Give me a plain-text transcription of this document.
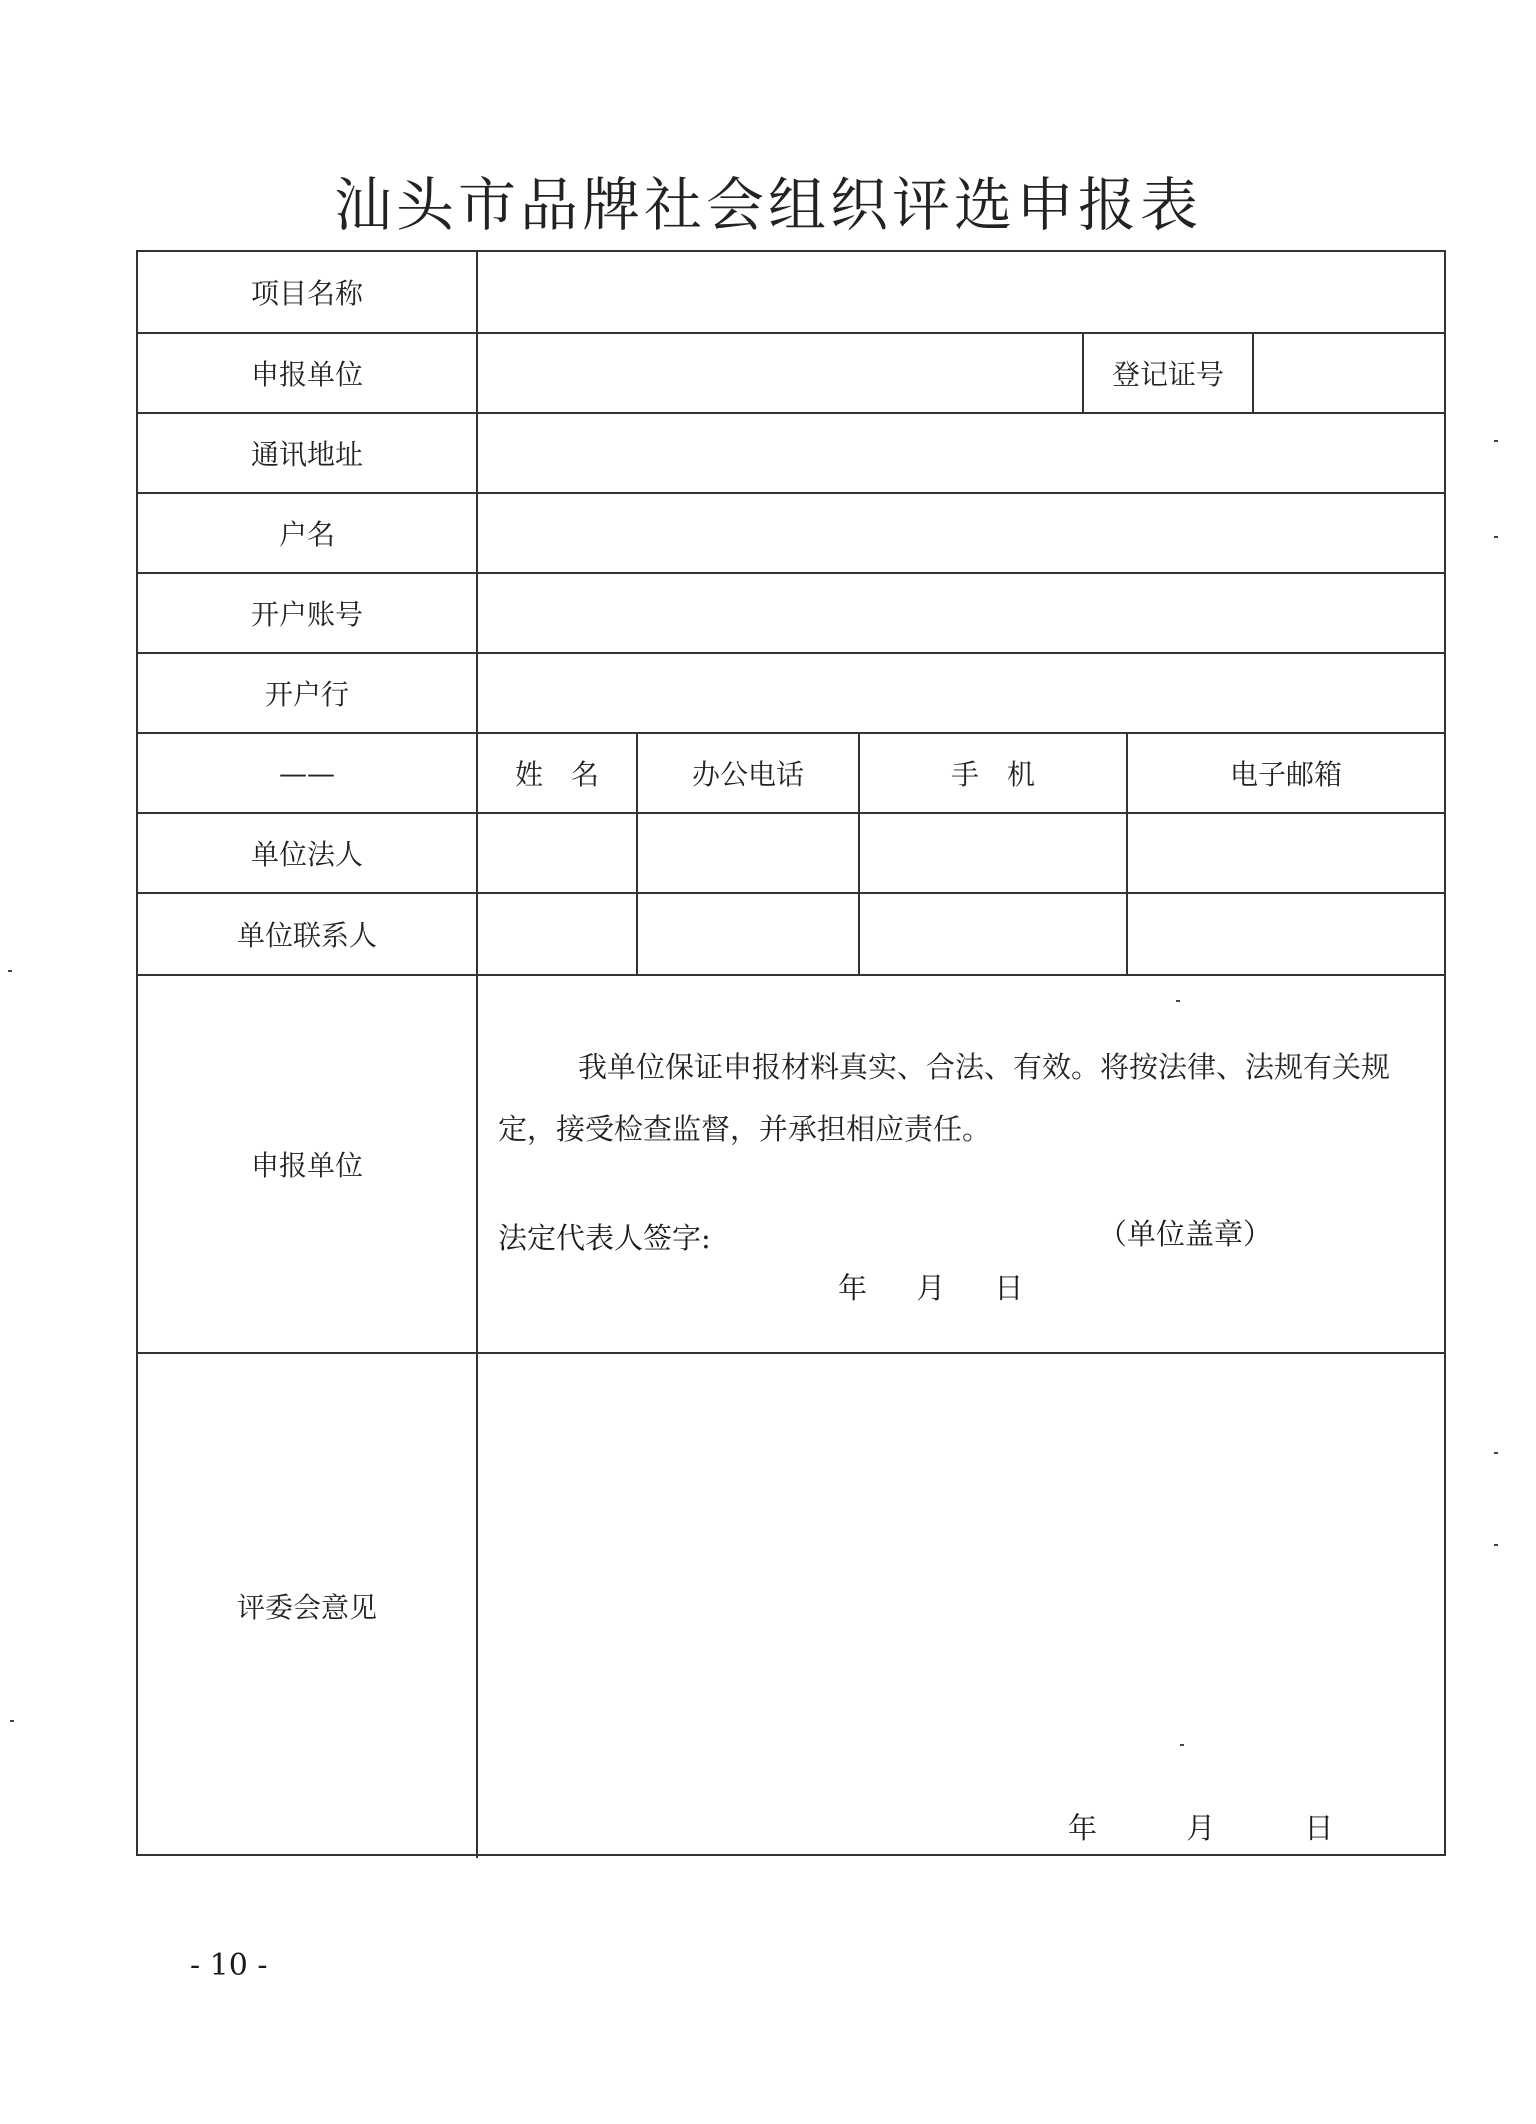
汕头市品牌社会组织评选申报表
项目名称
申报单位	登记证号
通讯地址
户名
开户账号
开户行
——	姓　名	办公电话	手　机	电子邮箱
单位法人
单位联系人
申报单位
我单位保证申报材料真实、合法、有效。将按法律、法规有关规定，接受检查监督，并承担相应责任。
法定代表人签字:	（单位盖章）
年 月 日
评委会意见
年 月 日
- 10 -
